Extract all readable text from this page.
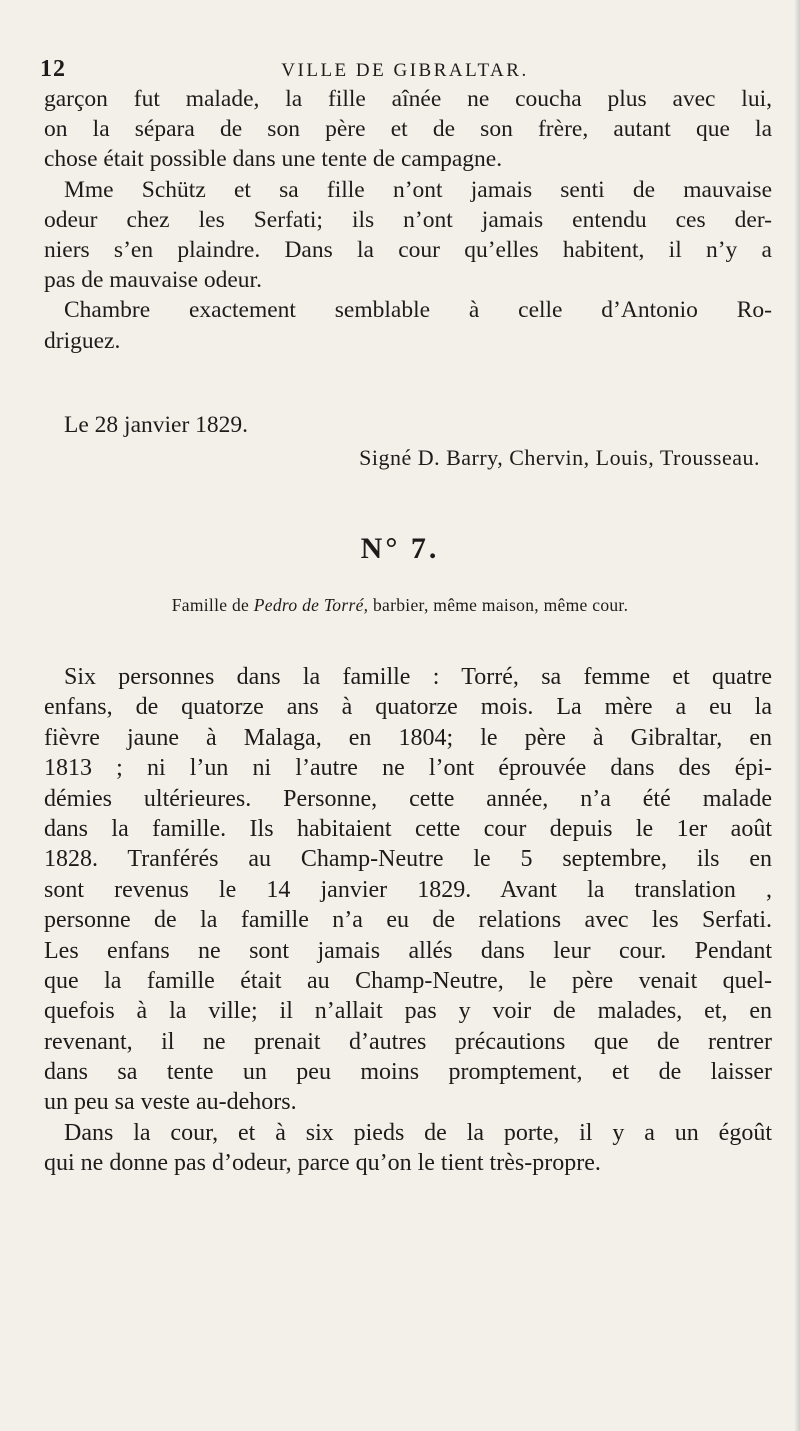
12	VILLE DE GIBRALTAR.
garçon fut malade, la fille aînée ne coucha plus avec lui,
on la sépara de son père et de son frère, autant que la
chose était possible dans une tente de campagne.
Mme Schütz et sa fille n’ont jamais senti de mauvaise
odeur chez les Serfati; ils n’ont jamais entendu ces der-
niers s’en plaindre. Dans la cour qu’elles habitent, il n’y a
pas de mauvaise odeur.
Chambre exactement semblable à celle d’Antonio Ro-
driguez.
Le 28 janvier 1829.
Signé D. Barry, Chervin, Louis, Trousseau.
N° 7.
Famille de Pedro de Torré, barbier, même maison, même cour.
Six personnes dans la famille : Torré, sa femme et quatre
enfans, de quatorze ans à quatorze mois. La mère a eu la
fièvre jaune à Malaga, en 1804; le père à Gibraltar, en
1813 ; ni l’un ni l’autre ne l’ont éprouvée dans des épi-
démies ultérieures. Personne, cette année, n’a été malade
dans la famille. Ils habitaient cette cour depuis le 1er août
1828. Tranférés au Champ-Neutre le 5 septembre, ils en
sont revenus le 14 janvier 1829. Avant la translation ,
personne de la famille n’a eu de relations avec les Serfati.
Les enfans ne sont jamais allés dans leur cour. Pendant
que la famille était au Champ-Neutre, le père venait quel-
quefois à la ville; il n’allait pas y voir de malades, et, en
revenant, il ne prenait d’autres précautions que de rentrer
dans sa tente un peu moins promptement, et de laisser
un peu sa veste au-dehors.
Dans la cour, et à six pieds de la porte, il y a un égoût
qui ne donne pas d’odeur, parce qu’on le tient très-propre.
